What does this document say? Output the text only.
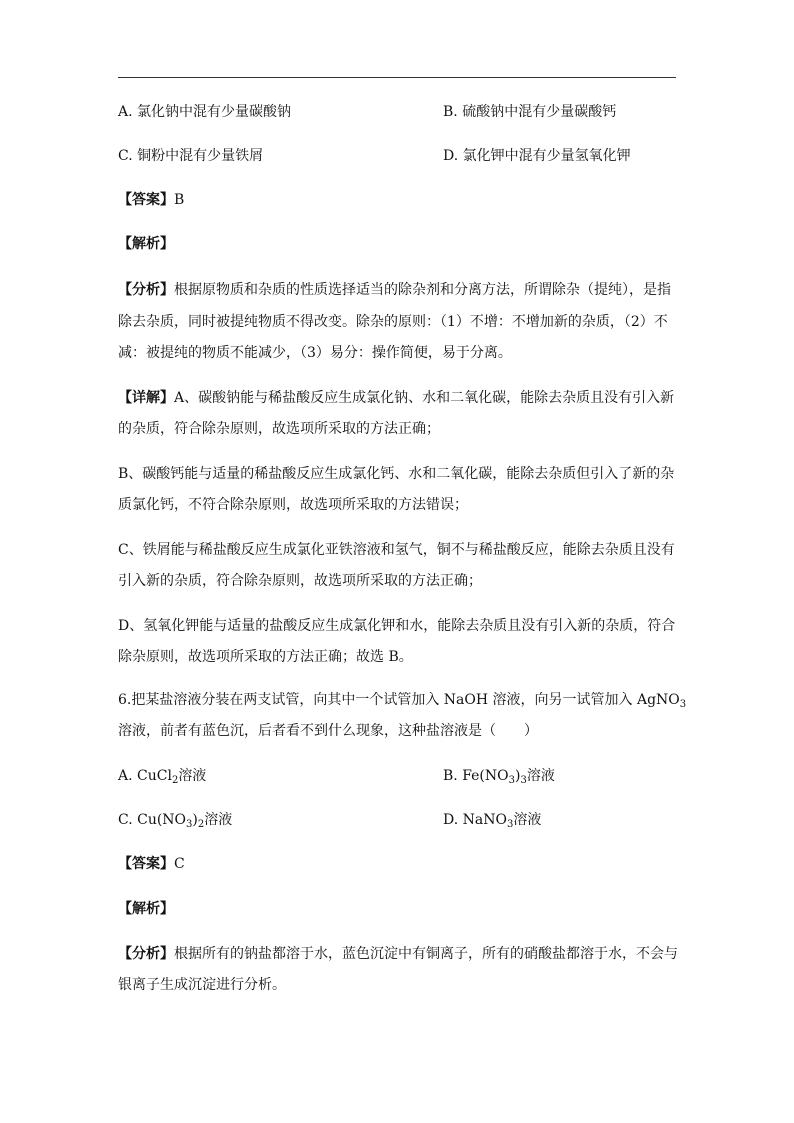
A. 氯化钠中混有少量碳酸钠	B. 硫酸钠中混有少量碳酸钙
C. 铜粉中混有少量铁屑	D. 氯化钾中混有少量氢氧化钾
【答案】B
【解析】
【分析】根据原物质和杂质的性质选择适当的除杂剂和分离方法，所谓除杂（提纯），是指
除去杂质，同时被提纯物质不得改变。除杂的原则：（1）不增：不增加新的杂质，（2）不
减：被提纯的物质不能减少，（3）易分：操作简便，易于分离。
【详解】A、碳酸钠能与稀盐酸反应生成氯化钠、水和二氧化碳，能除去杂质且没有引入新
的杂质，符合除杂原则，故选项所采取的方法正确；
B、碳酸钙能与适量的稀盐酸反应生成氯化钙、水和二氧化碳，能除去杂质但引入了新的杂
质氯化钙，不符合除杂原则，故选项所采取的方法错误；
C、铁屑能与稀盐酸反应生成氯化亚铁溶液和氢气，铜不与稀盐酸反应，能除去杂质且没有
引入新的杂质，符合除杂原则，故选项所采取的方法正确；
D、氢氧化钾能与适量的盐酸反应生成氯化钾和水，能除去杂质且没有引入新的杂质，符合
除杂原则，故选项所采取的方法正确；故选 B。
6.把某盐溶液分装在两支试管，向其中一个试管加入 NaOH 溶液，向另一试管加入 AgNO$_3$
溶液，前者有蓝色沉，后者看不到什么现象，这种盐溶液是（　　）
A. CuCl$_2$溶液	B. $Fe(NO_3)_3$溶液
C. $Cu(NO_3)_2$溶液	D. NaNO$_3$溶液
【答案】C
【解析】
【分析】根据所有的钠盐都溶于水，蓝色沉淀中有铜离子，所有的硝酸盐都溶于水，不会与
银离子生成沉淀进行分析。
